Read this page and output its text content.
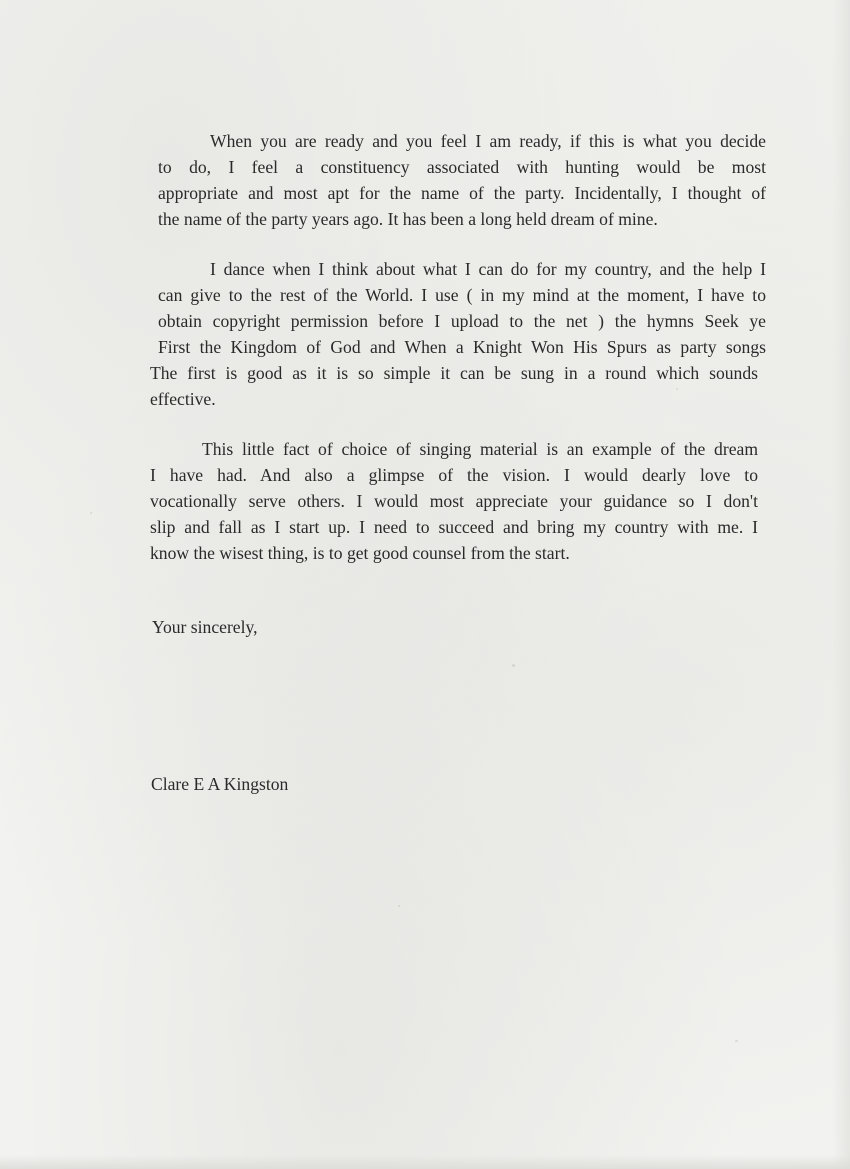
When you are ready and you feel I am ready, if this is what you decide
to do, I feel a constituency associated with hunting would be most
appropriate and most apt for the name of the party. Incidentally, I thought of
the name of the party years ago. It has been a long held dream of mine.
I dance when I think about what I can do for my country, and the help I
can give to the rest of the World. I use ( in my mind at the moment, I have to
obtain copyright permission before I upload to the net ) the hymns Seek ye
First the Kingdom of God and When a Knight Won His Spurs as party songs
The first is good as it is so simple it can be sung in a round which sounds
effective.
This little fact of choice of singing material is an example of the dream
I have had. And also a glimpse of the vision. I would dearly love to
vocationally serve others. I would most appreciate your guidance so I don't
slip and fall as I start up. I need to succeed and bring my country with me. I
know the wisest thing, is to get good counsel from the start.

Your sincerely,

Clare E A Kingston
